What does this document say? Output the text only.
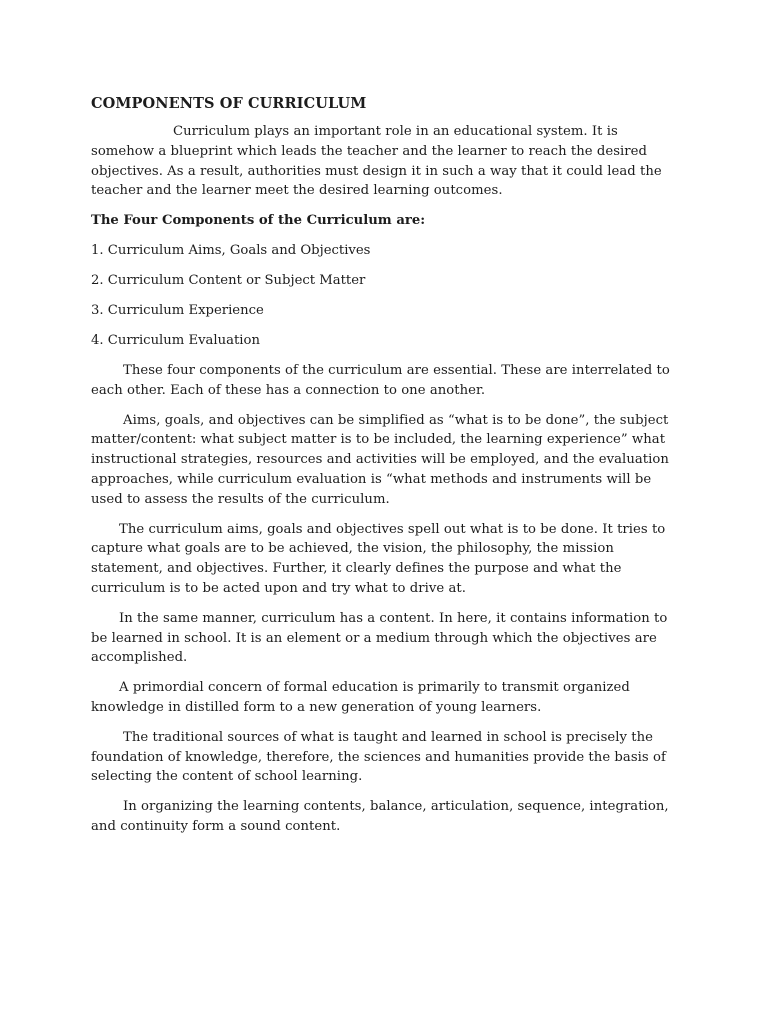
COMPONENTS OF CURRICULUM

Curriculum plays an important role in an educational system. It is somehow a blueprint which leads the teacher and the learner to reach the desired objectives. As a result, authorities must design it in such a way that it could lead the teacher and the learner meet the desired learning outcomes.

The Four Components of the Curriculum are:
1. Curriculum Aims, Goals and Objectives
2. Curriculum Content or Subject Matter
3. Curriculum Experience
4. Curriculum Evaluation

These four components of the curriculum are essential. These are interrelated to each other. Each of these has a connection to one another.

Aims, goals, and objectives can be simplified as “what is to be done”, the subject matter/content: what subject matter is to be included, the learning experience” what instructional strategies, resources and activities will be employed, and the evaluation approaches, while curriculum evaluation is “what methods and instruments will be used to assess the results of the curriculum.

The curriculum aims, goals and objectives spell out what is to be done. It tries to capture what goals are to be achieved, the vision, the philosophy, the mission statement, and objectives. Further, it clearly defines the purpose and what the curriculum is to be acted upon and try what to drive at.

In the same manner, curriculum has a content. In here, it contains information to be learned in school. It is an element or a medium through which the objectives are accomplished.

A primordial concern of formal education is primarily to transmit organized knowledge in distilled form to a new generation of young learners.

The traditional sources of what is taught and learned in school is precisely the foundation of knowledge, therefore, the sciences and humanities provide the basis of selecting the content of school learning.

In organizing the learning contents, balance, articulation, sequence, integration, and continuity form a sound content.
